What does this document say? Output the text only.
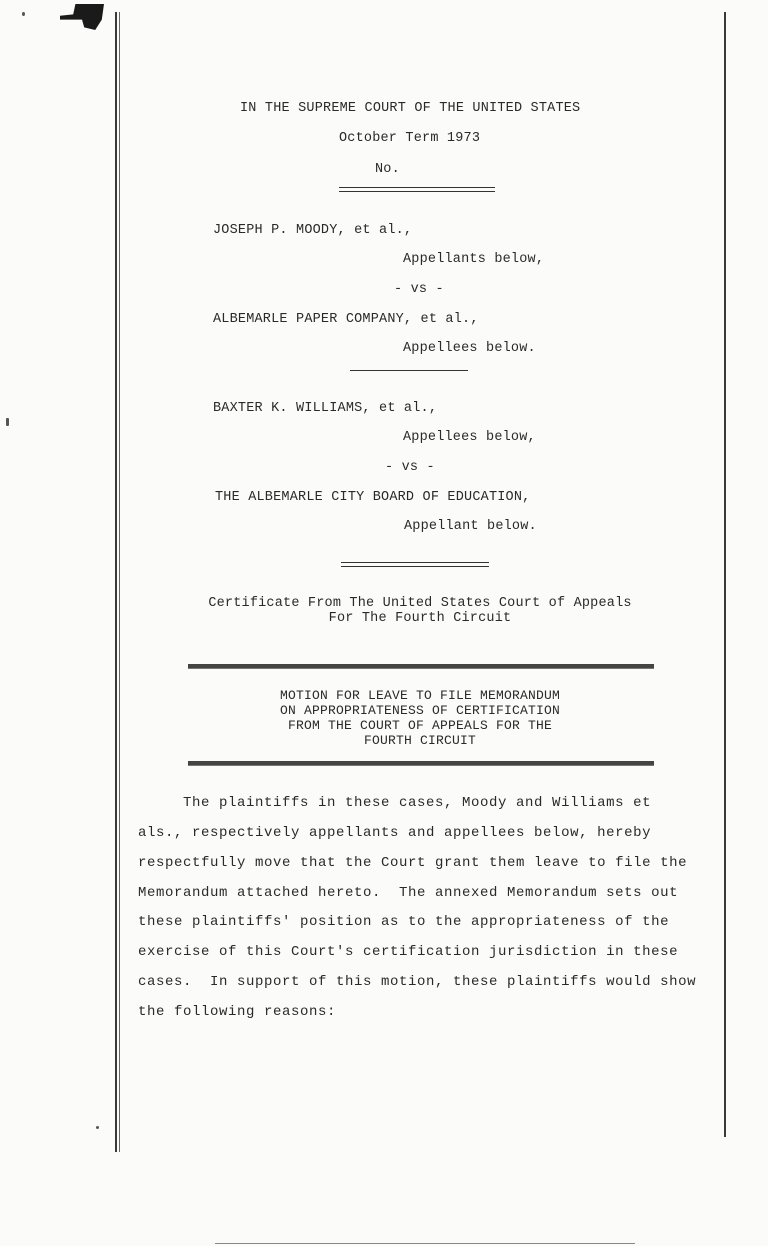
IN THE SUPREME COURT OF THE UNITED STATES
October Term 1973
No.
JOSEPH P. MOODY, et al.,
Appellants below,
- vs -
ALBEMARLE PAPER COMPANY, et al.,
Appellees below.
BAXTER K. WILLIAMS, et al.,
Appellees below,
- vs -
THE ALBEMARLE CITY BOARD OF EDUCATION,
Appellant below.
Certificate From The United States Court of Appeals
For The Fourth Circuit
MOTION FOR LEAVE TO FILE MEMORANDUM
ON APPROPRIATENESS OF CERTIFICATION
FROM THE COURT OF APPEALS FOR THE
FOURTH CIRCUIT
The plaintiffs in these cases, Moody and Williams et
als., respectively appellants and appellees below, hereby
respectfully move that the Court grant them leave to file the
Memorandum attached hereto.  The annexed Memorandum sets out
these plaintiffs' position as to the appropriateness of the
exercise of this Court's certification jurisdiction in these
cases.  In support of this motion, these plaintiffs would show
the following reasons:
